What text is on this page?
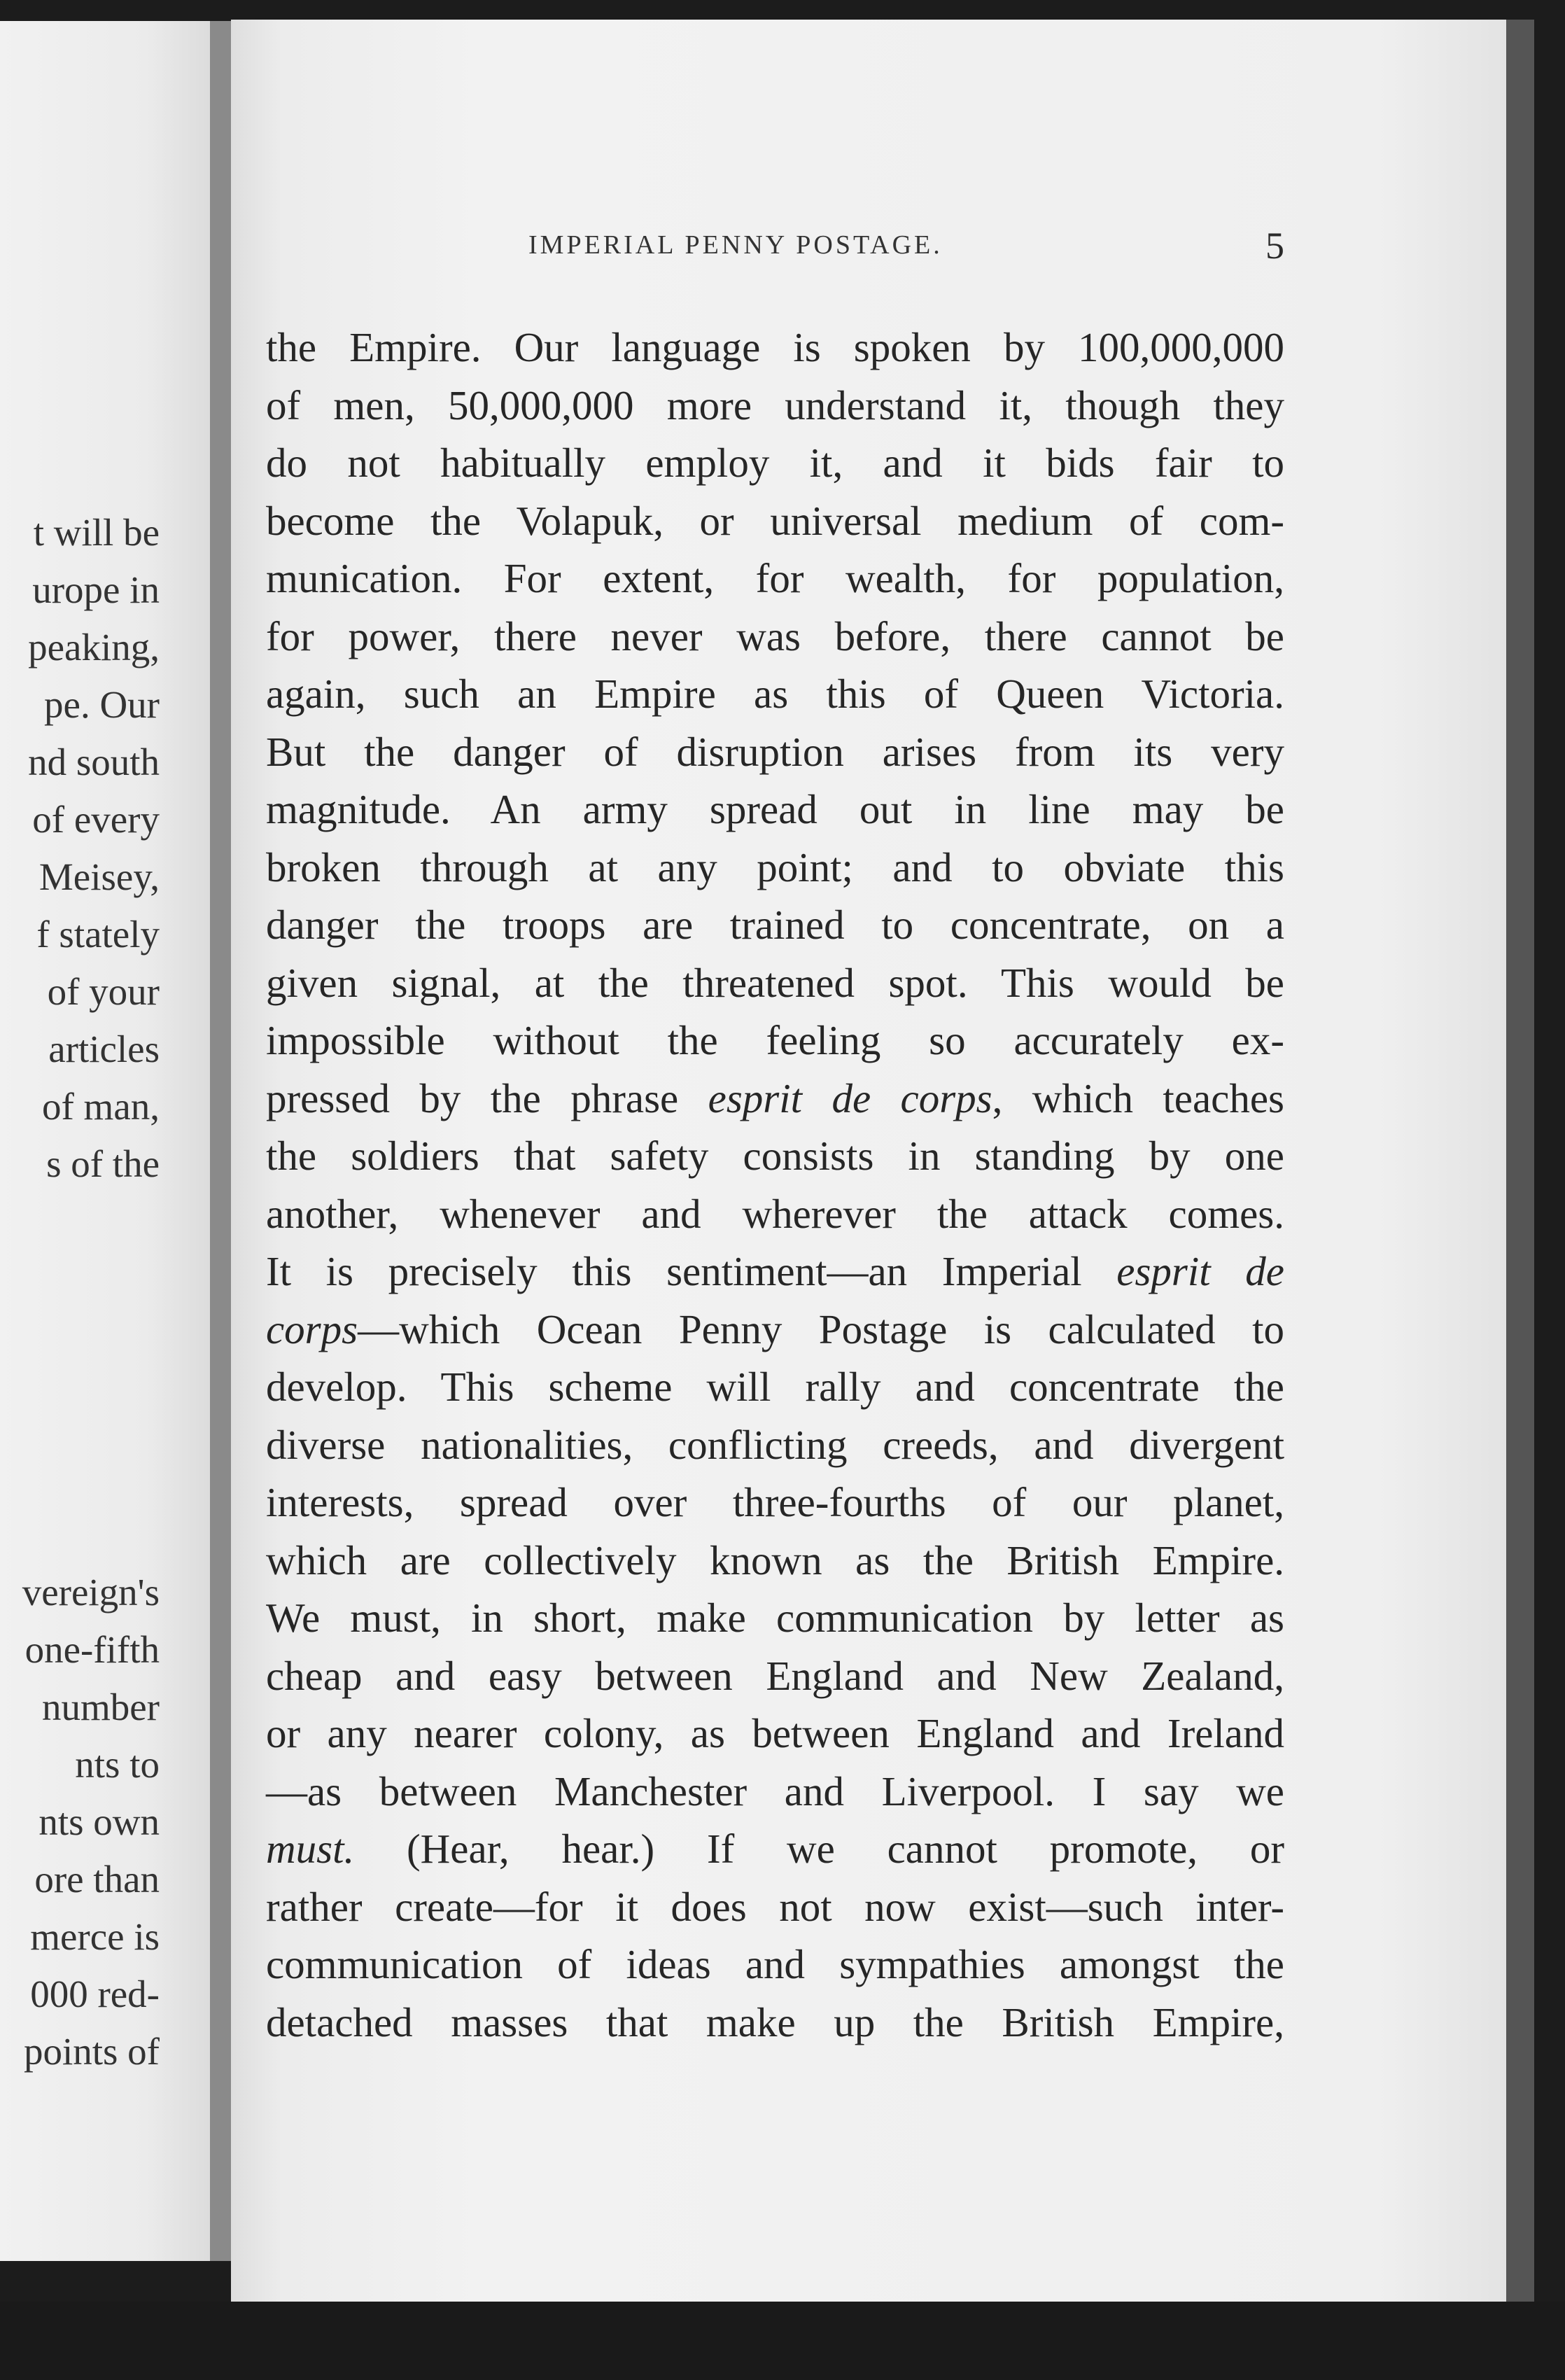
t will be
urope in
peaking,
pe. Our
nd south
of every
Meisey,
f stately
of your
articles
of man,
s of the
vereign's
one-fifth
number
nts to
nts own
ore than
merce is
000 red-
points of
IMPERIAL PENNY POSTAGE.	5
the Empire. Our language is spoken by 100,000,000
of men, 50,000,000 more understand it, though they
do not habitually employ it, and it bids fair to
become the Volapuk, or universal medium of com-
munication. For extent, for wealth, for population,
for power, there never was before, there cannot be
again, such an Empire as this of Queen Victoria.
But the danger of disruption arises from its very
magnitude. An army spread out in line may be
broken through at any point; and to obviate this
danger the troops are trained to concentrate, on a
given signal, at the threatened spot. This would be
impossible without the feeling so accurately ex-
pressed by the phrase esprit de corps, which teaches
the soldiers that safety consists in standing by one
another, whenever and wherever the attack comes.
It is precisely this sentiment—an Imperial esprit de
corps—which Ocean Penny Postage is calculated to
develop. This scheme will rally and concentrate the
diverse nationalities, conflicting creeds, and divergent
interests, spread over three-fourths of our planet,
which are collectively known as the British Empire.
We must, in short, make communication by letter as
cheap and easy between England and New Zealand,
or any nearer colony, as between England and Ireland
—as between Manchester and Liverpool. I say we
must. (Hear, hear.) If we cannot promote, or
rather create—for it does not now exist—such inter-
communication of ideas and sympathies amongst the
detached masses that make up the British Empire,
